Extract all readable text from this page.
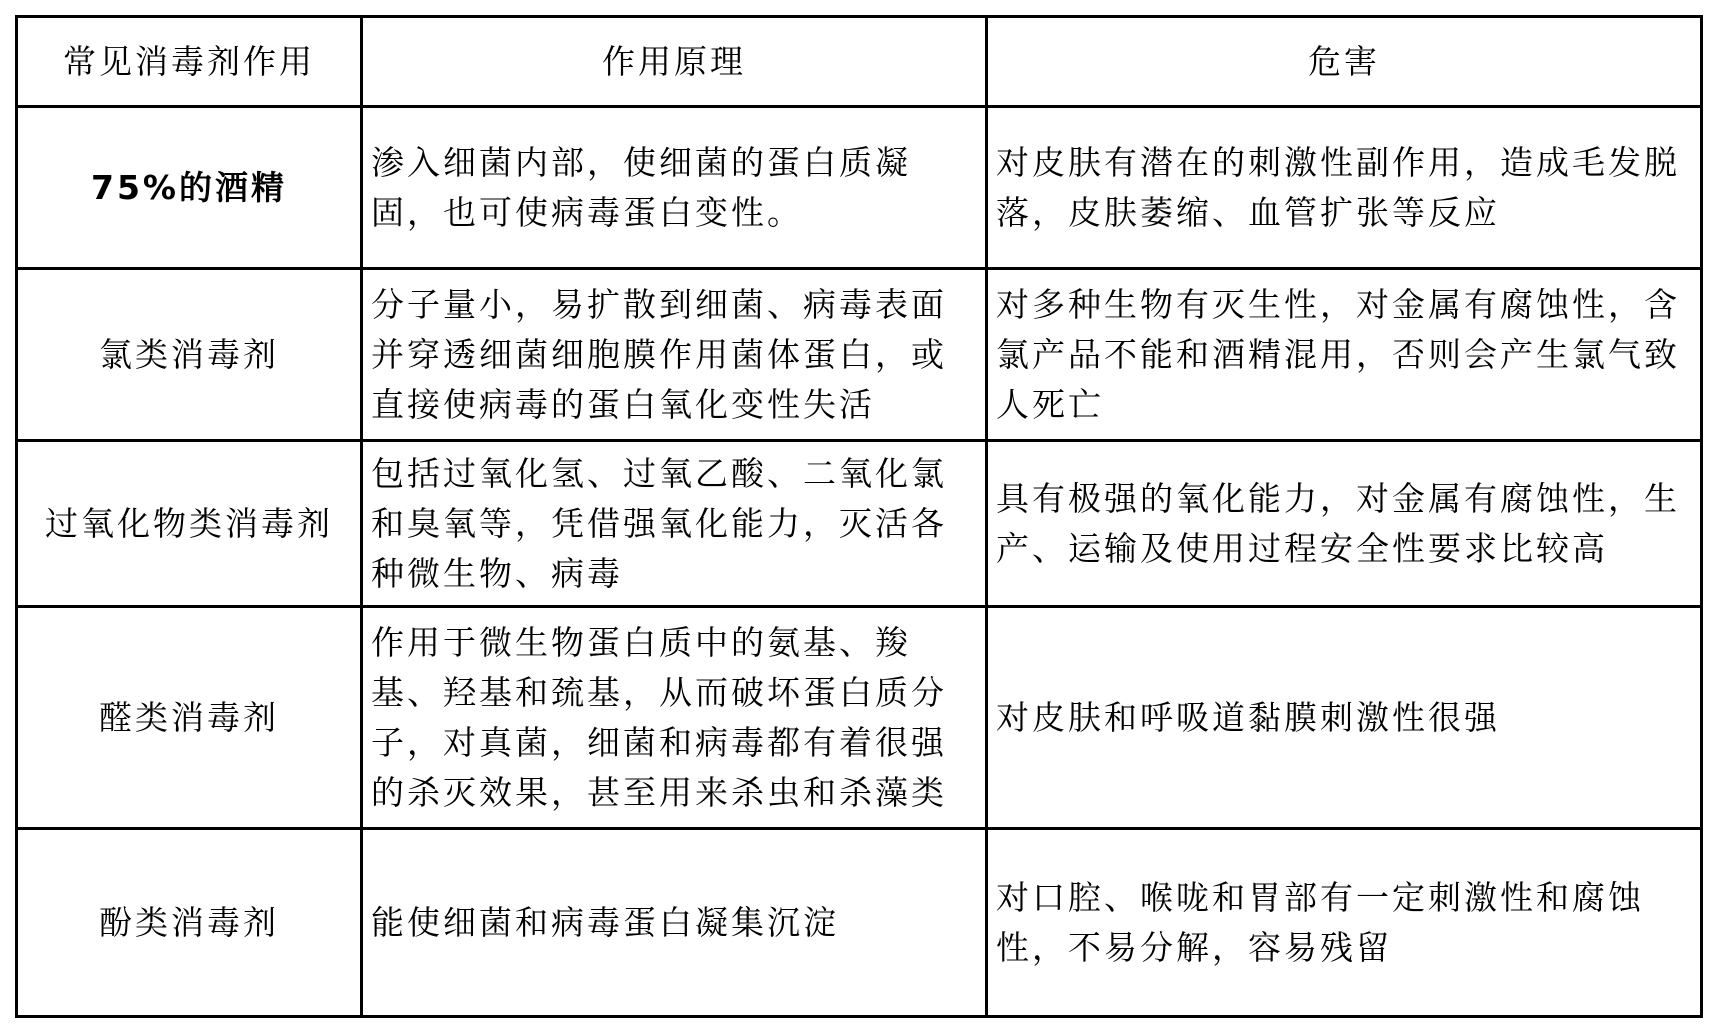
常见消毒剂作用	作用原理	危害
75%的酒精	渗入细菌内部，使细菌的蛋白质凝固，也可使病毒蛋白变性。	对皮肤有潜在的刺激性副作用，造成毛发脱落，皮肤萎缩、血管扩张等反应
氯类消毒剂	分子量小，易扩散到细菌、病毒表面并穿透细菌细胞膜作用菌体蛋白，或直接使病毒的蛋白氧化变性失活	对多种生物有灭生性，对金属有腐蚀性，含氯产品不能和酒精混用，否则会产生氯气致人死亡
过氧化物类消毒剂	包括过氧化氢、过氧乙酸、二氧化氯和臭氧等，凭借强氧化能力，灭活各种微生物、病毒	具有极强的氧化能力，对金属有腐蚀性，生产、运输及使用过程安全性要求比较高
醛类消毒剂	作用于微生物蛋白质中的氨基、羧基、羟基和巯基，从而破坏蛋白质分子，对真菌，细菌和病毒都有着很强的杀灭效果，甚至用来杀虫和杀藻类	对皮肤和呼吸道黏膜刺激性很强
酚类消毒剂	能使细菌和病毒蛋白凝集沉淀	对口腔、喉咙和胃部有一定刺激性和腐蚀性，不易分解，容易残留
